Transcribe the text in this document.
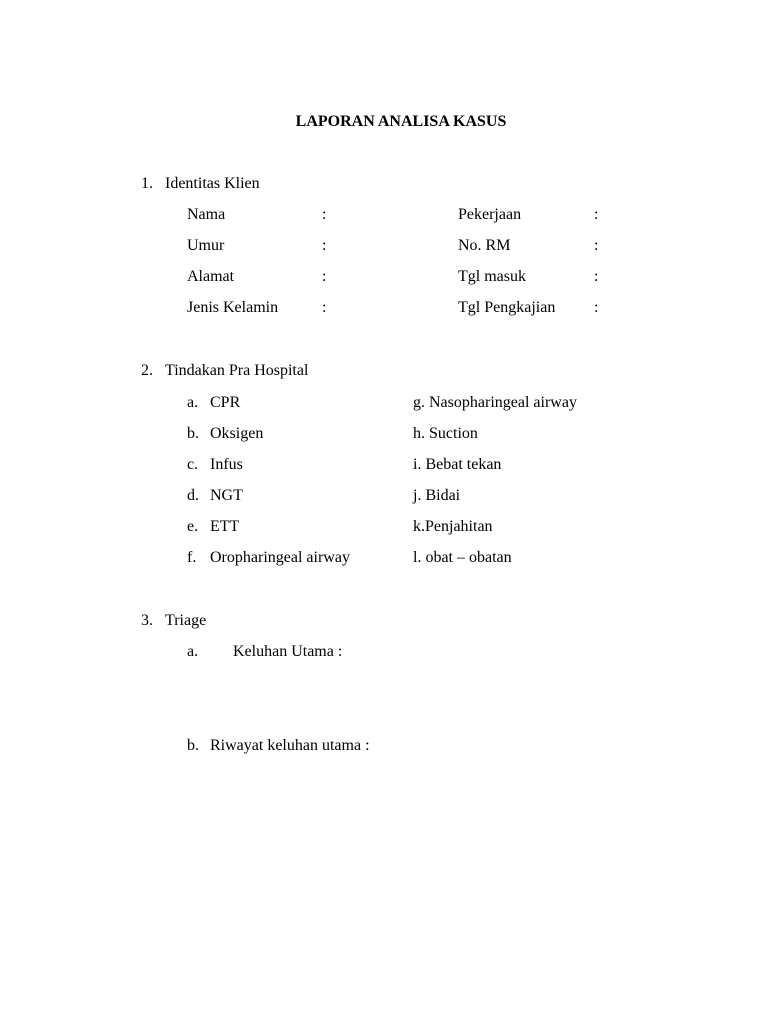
LAPORAN ANALISA KASUS
1. Identitas Klien
Nama	:	Pekerjaan	:
Umur	:	No. RM	:
Alamat	:	Tgl masuk	:
Jenis Kelamin	:	Tgl Pengkajian :
2. Tindakan Pra Hospital
a. CPR	g. Nasopharingeal airway
b. Oksigen	h. Suction
c. Infus	i. Bebat tekan
d. NGT	j. Bidai
e. ETT	k.Penjahitan
f. Oropharingeal airway	l. obat – obatan
3. Triage
a. Keluhan Utama :
b. Riwayat keluhan utama :
